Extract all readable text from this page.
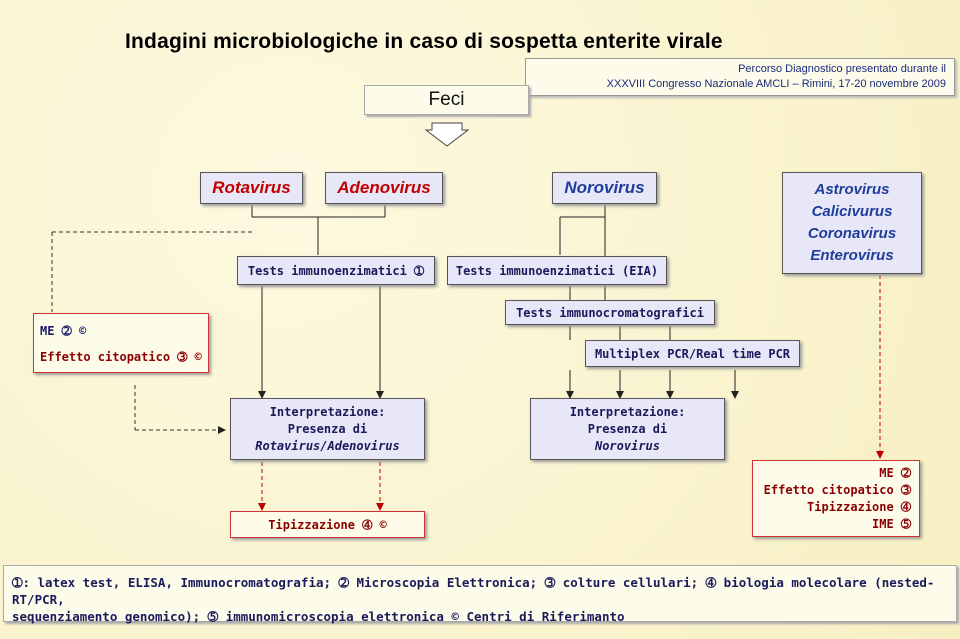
Indagini microbiologiche in caso di sospetta enterite virale
Percorso Diagnostico presentato durante il
XXXVIII Congresso Nazionale AMCLI – Rimini, 17-20 novembre 2009
Feci
Rotavirus	Adenovirus	Norovirus	Astrovirus
Calicivurus
Coronavirus
Enterovirus
Tests immunoenzimatici ➀	Tests immunoenzimatici (EIA)
Tests immunocromatografici
Multiplex PCR/Real time PCR
ME ➁ ©
Effetto citopatico ➂ ©
Interpretazione:
Presenza di
Rotavirus/Adenovirus
Interpretazione:
Presenza di
Norovirus
Tipizzazione ➃ ©
ME ➁
Effetto citopatico ➂
Tipizzazione ➃
IME ➄
➀: latex test, ELISA, Immunocromatografia; ➁ Microscopia Elettronica; ➂ colture cellulari; ➃ biologia molecolare (nested-RT/PCR,
sequenziamento genomico); ➄ immunomicroscopia elettronica © Centri di Riferimanto
